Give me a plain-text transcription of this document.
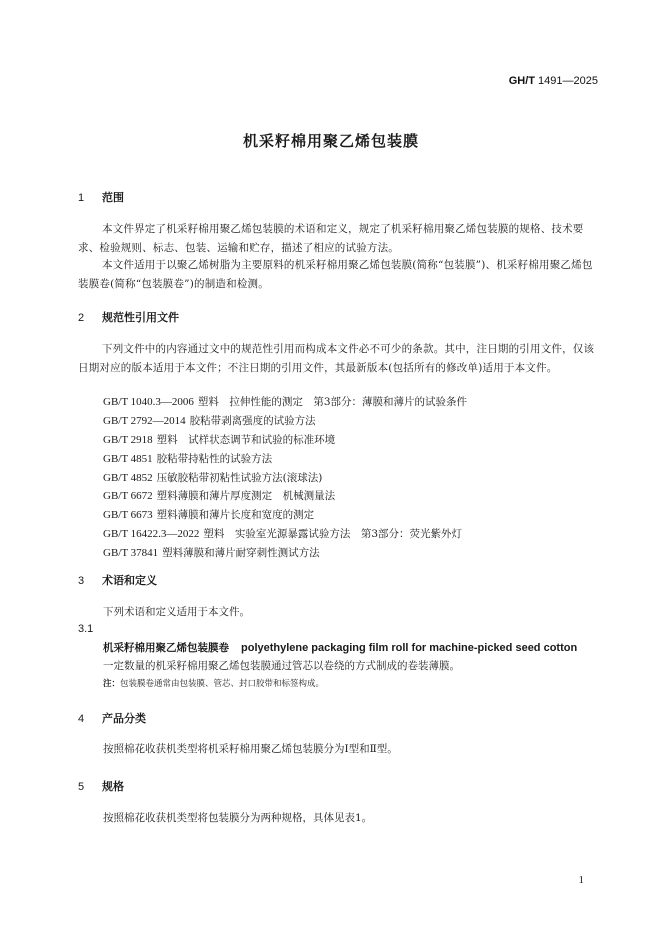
GH/T 1491—2025
机采籽棉用聚乙烯包装膜
1 范围
本文件界定了机采籽棉用聚乙烯包装膜的术语和定义，规定了机采籽棉用聚乙烯包装膜的规格、技术要求、检验规则、标志、包装、运输和贮存，描述了相应的试验方法。
本文件适用于以聚乙烯树脂为主要原料的机采籽棉用聚乙烯包装膜(简称“包装膜”)、机采籽棉用聚乙烯包装膜卷(简称“包装膜卷”)的制造和检测。
2 规范性引用文件
下列文件中的内容通过文中的规范性引用而构成本文件必不可少的条款。其中，注日期的引用文件，仅该日期对应的版本适用于本文件；不注日期的引用文件，其最新版本(包括所有的修改单)适用于本文件。
GB/T 1040.3—2006 塑料　拉伸性能的测定　第3部分：薄膜和薄片的试验条件
GB/T 2792—2014 胶粘带剥离强度的试验方法
GB/T 2918 塑料　试样状态调节和试验的标准环境
GB/T 4851 胶粘带持粘性的试验方法
GB/T 4852 压敏胶粘带初粘性试验方法(滚球法)
GB/T 6672 塑料薄膜和薄片厚度测定　机械测量法
GB/T 6673 塑料薄膜和薄片长度和宽度的测定
GB/T 16422.3—2022 塑料　实验室光源暴露试验方法　第3部分：荧光紫外灯
GB/T 37841 塑料薄膜和薄片耐穿刺性测试方法
3 术语和定义
下列术语和定义适用于本文件。
3.1
机采籽棉用聚乙烯包装膜卷 polyethylene packaging film roll for machine-picked seed cotton
一定数量的机采籽棉用聚乙烯包装膜通过管芯以卷绕的方式制成的卷装薄膜。
注：包装膜卷通常由包装膜、管芯、封口胶带和标签构成。
4 产品分类
按照棉花收获机类型将机采籽棉用聚乙烯包装膜分为Ⅰ型和Ⅱ型。
5 规格
按照棉花收获机类型将包装膜分为两种规格，具体见表1。
1
